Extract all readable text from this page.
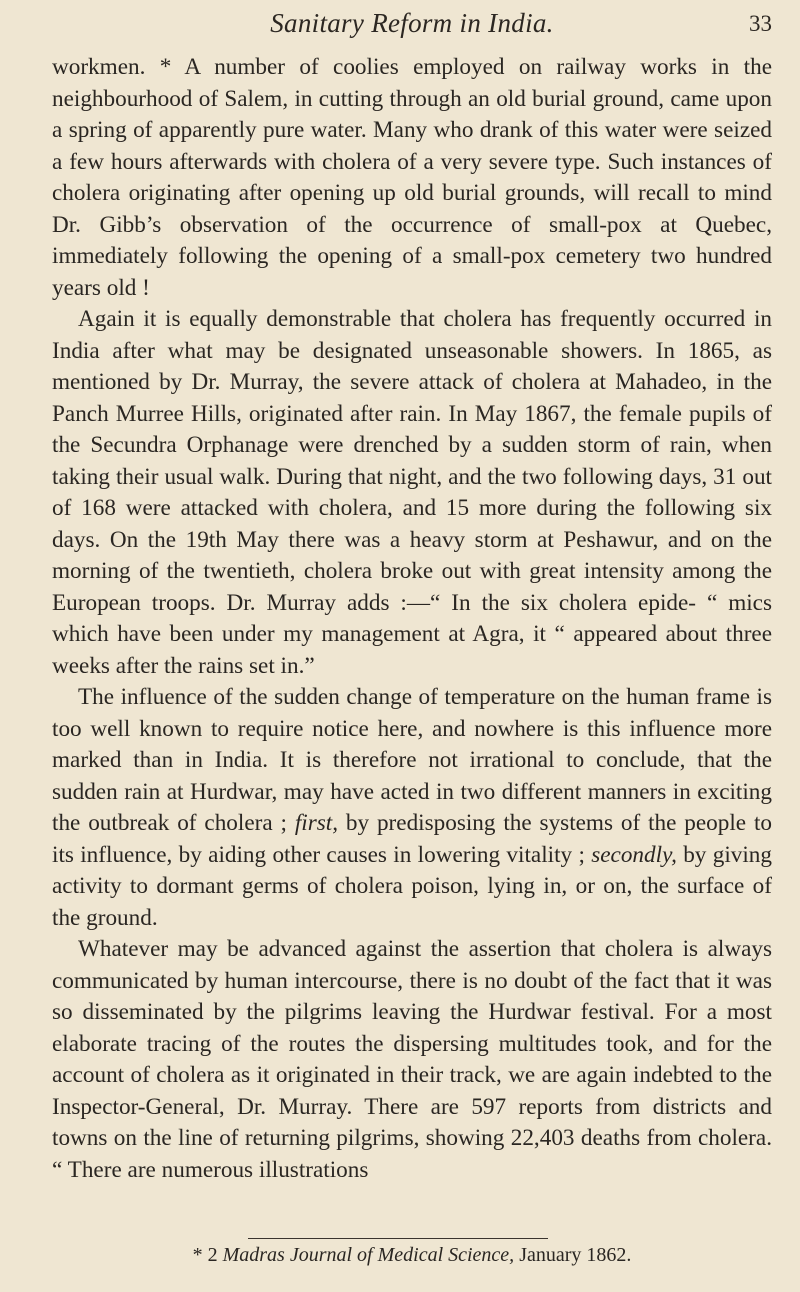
Sanitary Reform in India.	33

workmen. * A number of coolies employed on railway works in the neighbourhood of Salem, in cutting through an old burial ground, came upon a spring of apparently pure water. Many who drank of this water were seized a few hours afterwards with cholera of a very severe type. Such instances of cholera originating after opening up old burial grounds, will recall to mind Dr. Gibb’s observation of the occurrence of small-pox at Quebec, immediately following the opening of a small-pox cemetery two hundred years old !

Again it is equally demonstrable that cholera has frequently occurred in India after what may be designated unseasonable showers. In 1865, as mentioned by Dr. Murray, the severe attack of cholera at Mahadeo, in the Panch Murree Hills, originated after rain. In May 1867, the female pupils of the Secundra Orphanage were drenched by a sudden storm of rain, when taking their usual walk. During that night, and the two following days, 31 out of 168 were attacked with cholera, and 15 more during the following six days. On the 19th May there was a heavy storm at Peshawur, and on the morning of the twentieth, cholera broke out with great intensity among the European troops. Dr. Murray adds :—“ In the six cholera epide- “ mics which have been under my management at Agra, it “ appeared about three weeks after the rains set in.”

The influence of the sudden change of temperature on the human frame is too well known to require notice here, and nowhere is this influence more marked than in India. It is therefore not irrational to conclude, that the sudden rain at Hurdwar, may have acted in two different manners in exciting the outbreak of cholera ; first, by predisposing the systems of the people to its influence, by aiding other causes in lowering vitality ; secondly, by giving activity to dormant germs of cholera poison, lying in, or on, the surface of the ground.

Whatever may be advanced against the assertion that cholera is always communicated by human intercourse, there is no doubt of the fact that it was so disseminated by the pilgrims leaving the Hurdwar festival. For a most elaborate tracing of the routes the dispersing multitudes took, and for the account of cholera as it originated in their track, we are again indebted to the Inspector-General, Dr. Murray. There are 597 reports from districts and towns on the line of returning pilgrims, showing 22,403 deaths from cholera. “ There are numerous illustrations

* 2 Madras Journal of Medical Science, January 1862.
